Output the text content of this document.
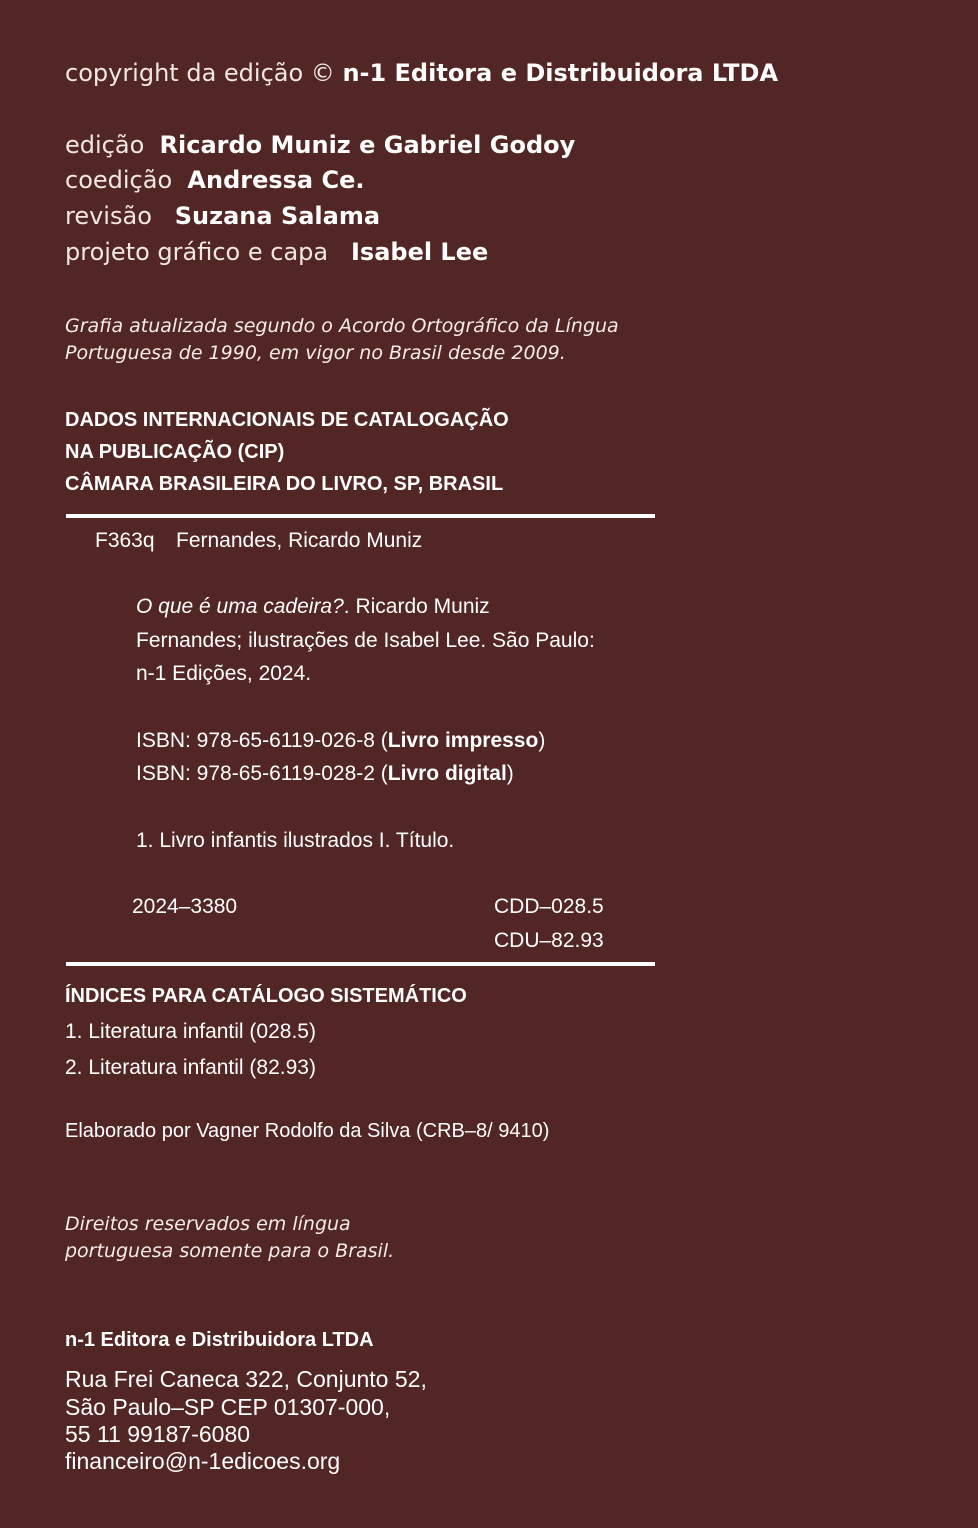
copyright da edição © n-1 Editora e Distribuidora LTDA
edição Ricardo Muniz e Gabriel Godoy
coedição Andressa Ce.
revisão Suzana Salama
projeto gráfico e capa Isabel Lee
Grafia atualizada segundo o Acordo Ortográfico da Língua
Portuguesa de 1990, em vigor no Brasil desde 2009.
DADOS INTERNACIONAIS DE CATALOGAÇÃO
NA PUBLICAÇÃO (CIP)
CÂMARA BRASILEIRA DO LIVRO, SP, BRASIL
F363q Fernandes, Ricardo Muniz
O que é uma cadeira?. Ricardo Muniz
Fernandes; ilustrações de Isabel Lee. São Paulo:
n-1 Edições, 2024.
ISBN: 978-65-6119-026-8 (Livro impresso)
ISBN: 978-65-6119-028-2 (Livro digital)
1. Livro infantis ilustrados I. Título.
2024–3380	CDD–028.5
CDU–82.93
ÍNDICES PARA CATÁLOGO SISTEMÁTICO
1. Literatura infantil (028.5)
2. Literatura infantil (82.93)
Elaborado por Vagner Rodolfo da Silva (CRB–8/ 9410)
Direitos reservados em língua
portuguesa somente para o Brasil.
n-1 Editora e Distribuidora LTDA
Rua Frei Caneca 322, Conjunto 52,
São Paulo–SP CEP 01307-000,
55 11 99187-6080
financeiro@n-1edicoes.org
